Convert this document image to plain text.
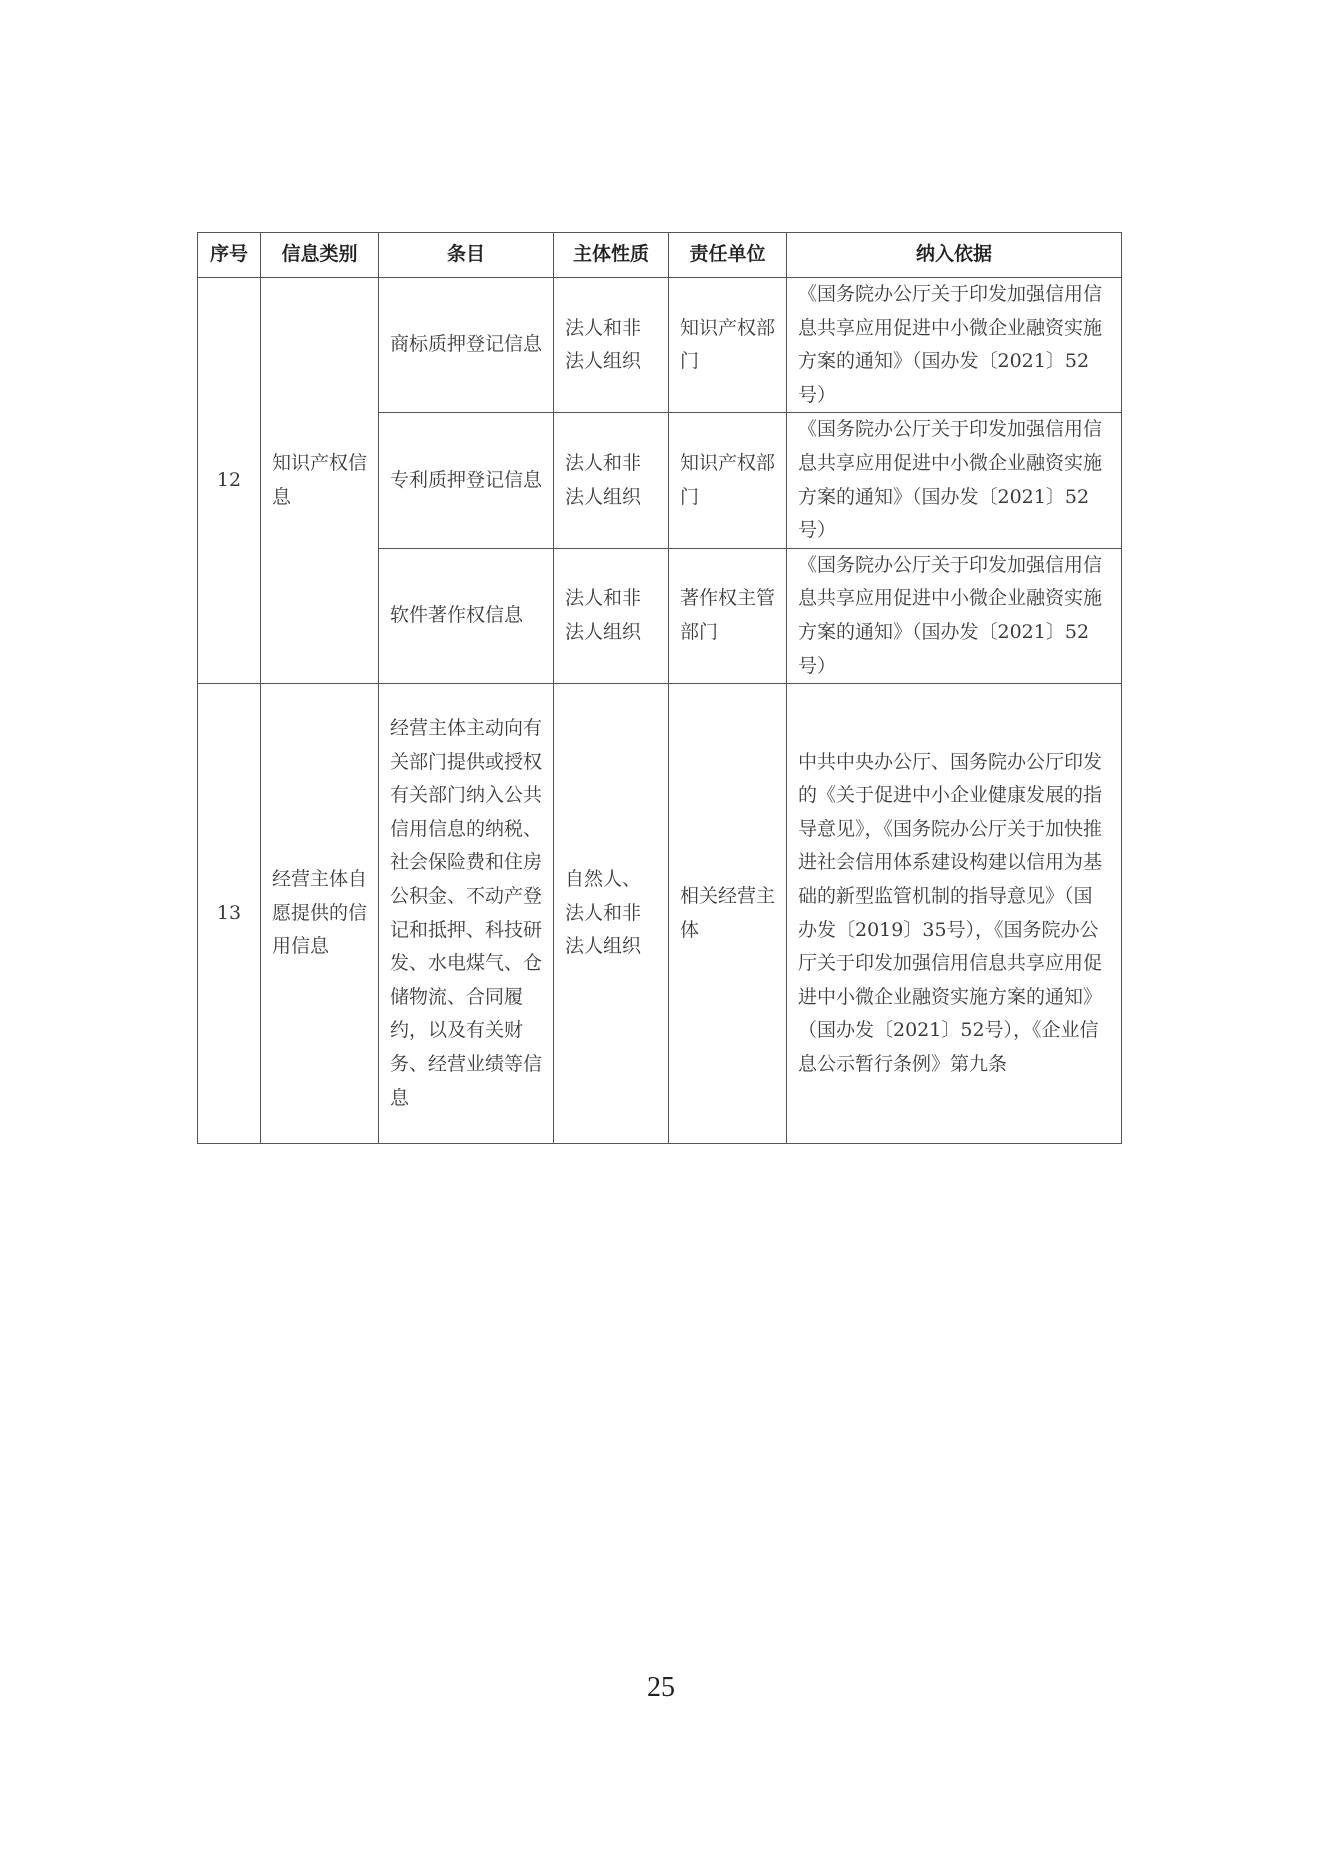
序号	信息类别	条目	主体性质	责任单位	纳入依据
12	知识产权信息	商标质押登记信息	法人和非法人组织	知识产权部门	《国务院办公厅关于印发加强信用信息共享应用促进中小微企业融资实施方案的通知》（国办发〔2021〕52号）
		专利质押登记信息	法人和非法人组织	知识产权部门	《国务院办公厅关于印发加强信用信息共享应用促进中小微企业融资实施方案的通知》（国办发〔2021〕52号）
		软件著作权信息	法人和非法人组织	著作权主管部门	《国务院办公厅关于印发加强信用信息共享应用促进中小微企业融资实施方案的通知》（国办发〔2021〕52号）
13	经营主体自愿提供的信用信息	经营主体主动向有关部门提供或授权有关部门纳入公共信用信息的纳税、社会保险费和住房公积金、不动产登记和抵押、科技研发、水电煤气、仓储物流、合同履约，以及有关财务、经营业绩等信息	自然人、法人和非法人组织	相关经营主体	中共中央办公厅、国务院办公厅印发的《关于促进中小企业健康发展的指导意见》，《国务院办公厅关于加快推进社会信用体系建设构建以信用为基础的新型监管机制的指导意见》（国办发〔2019〕35号），《国务院办公厅关于印发加强信用信息共享应用促进中小微企业融资实施方案的通知》（国办发〔2021〕52号），《企业信息公示暂行条例》第九条
25
